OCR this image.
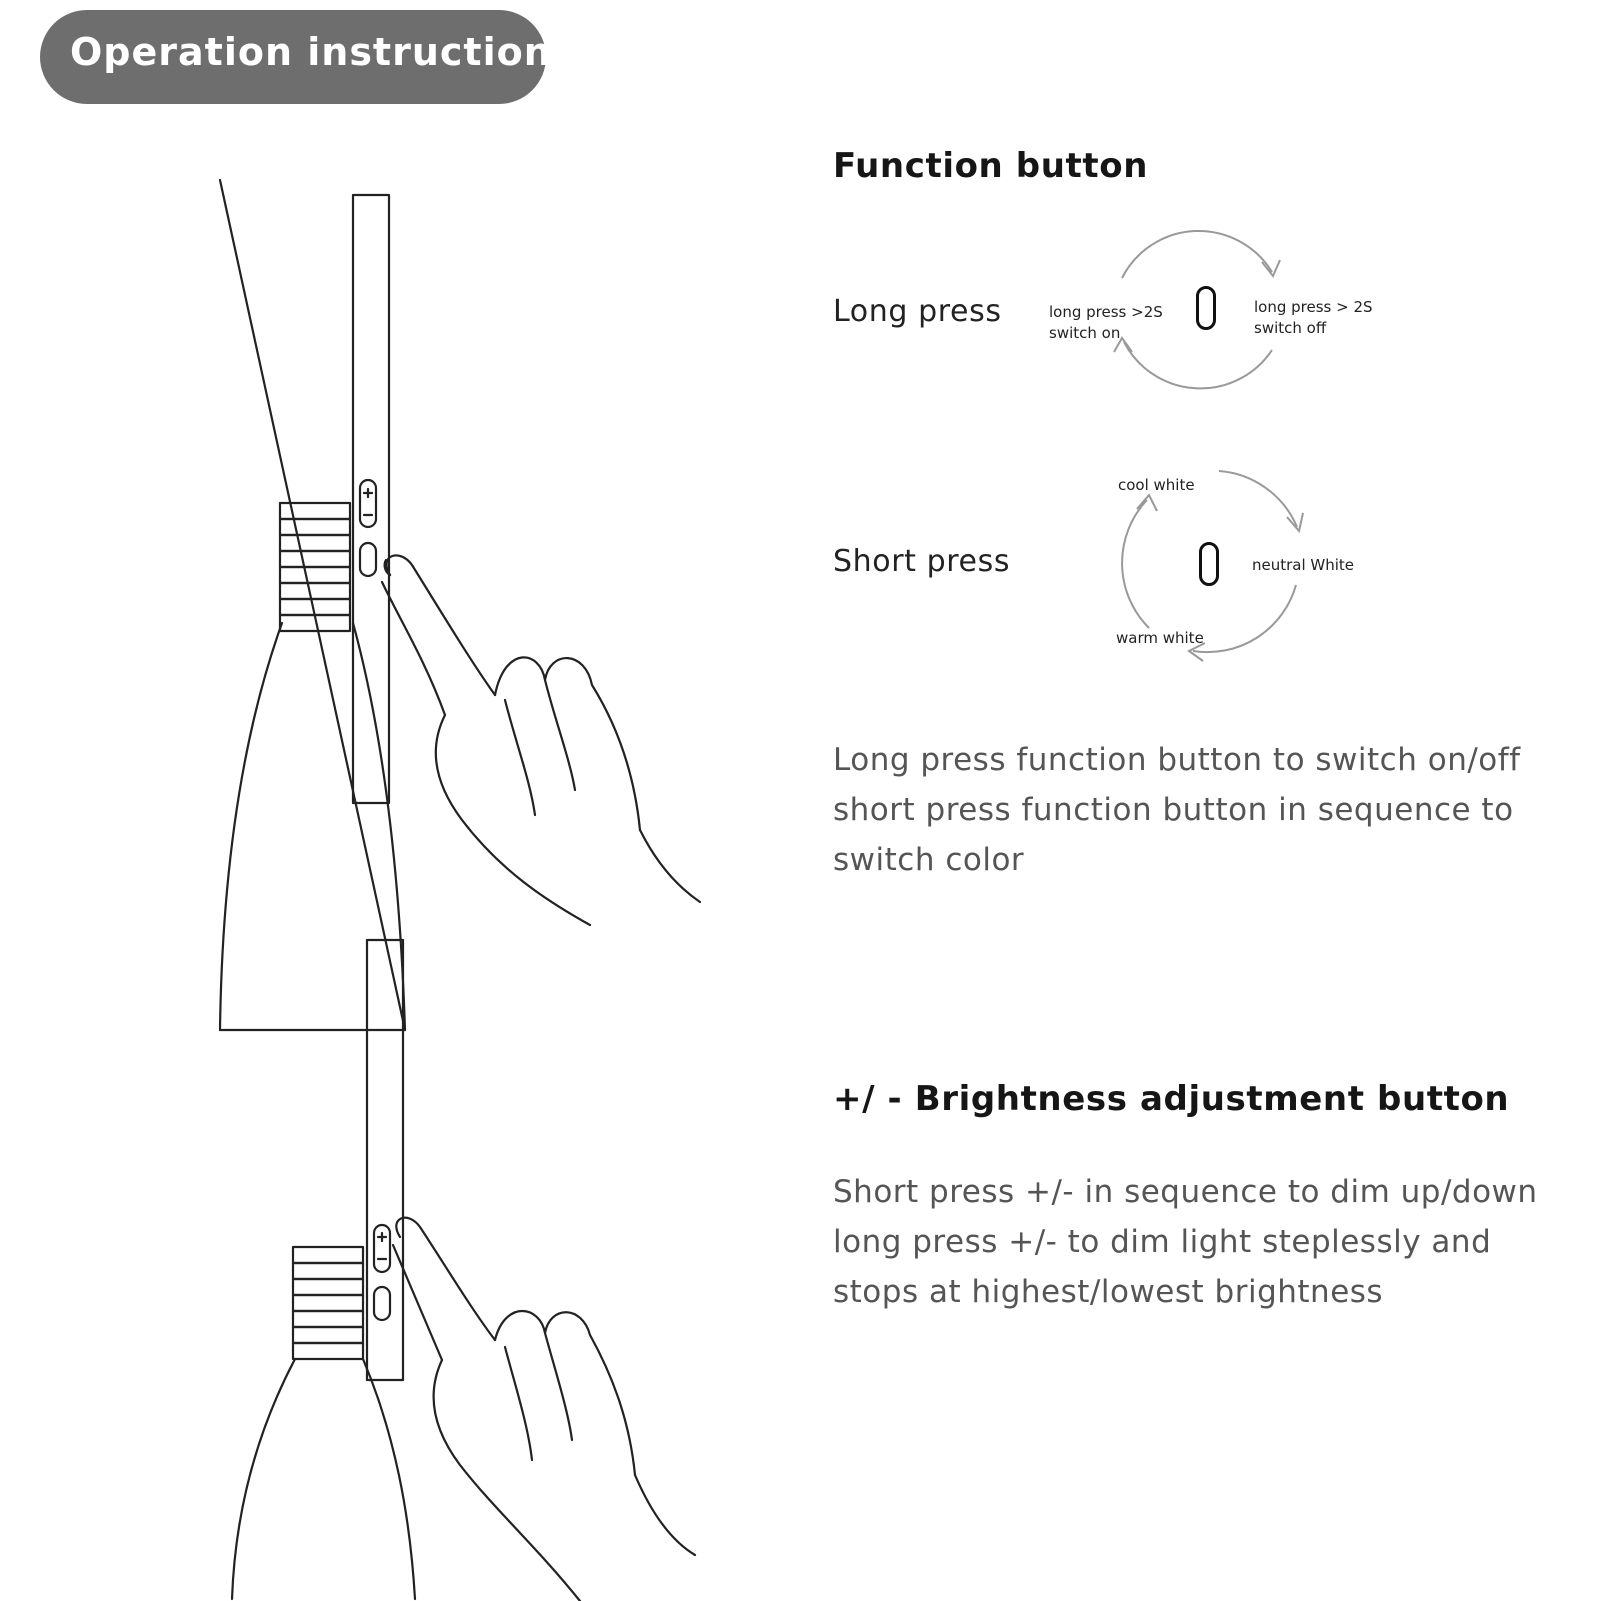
Operation instruction
Function button
Long press	long press >2S
switch on
long press > 2S
switch off
Short press
cool white
neutral White
warm white
Long press function button to switch on/off
short press function button in sequence to
switch color
+/ - Brightness adjustment button
Short press +/- in sequence to dim up/down
long press +/- to dim light steplessly and
stops at highest/lowest brightness
